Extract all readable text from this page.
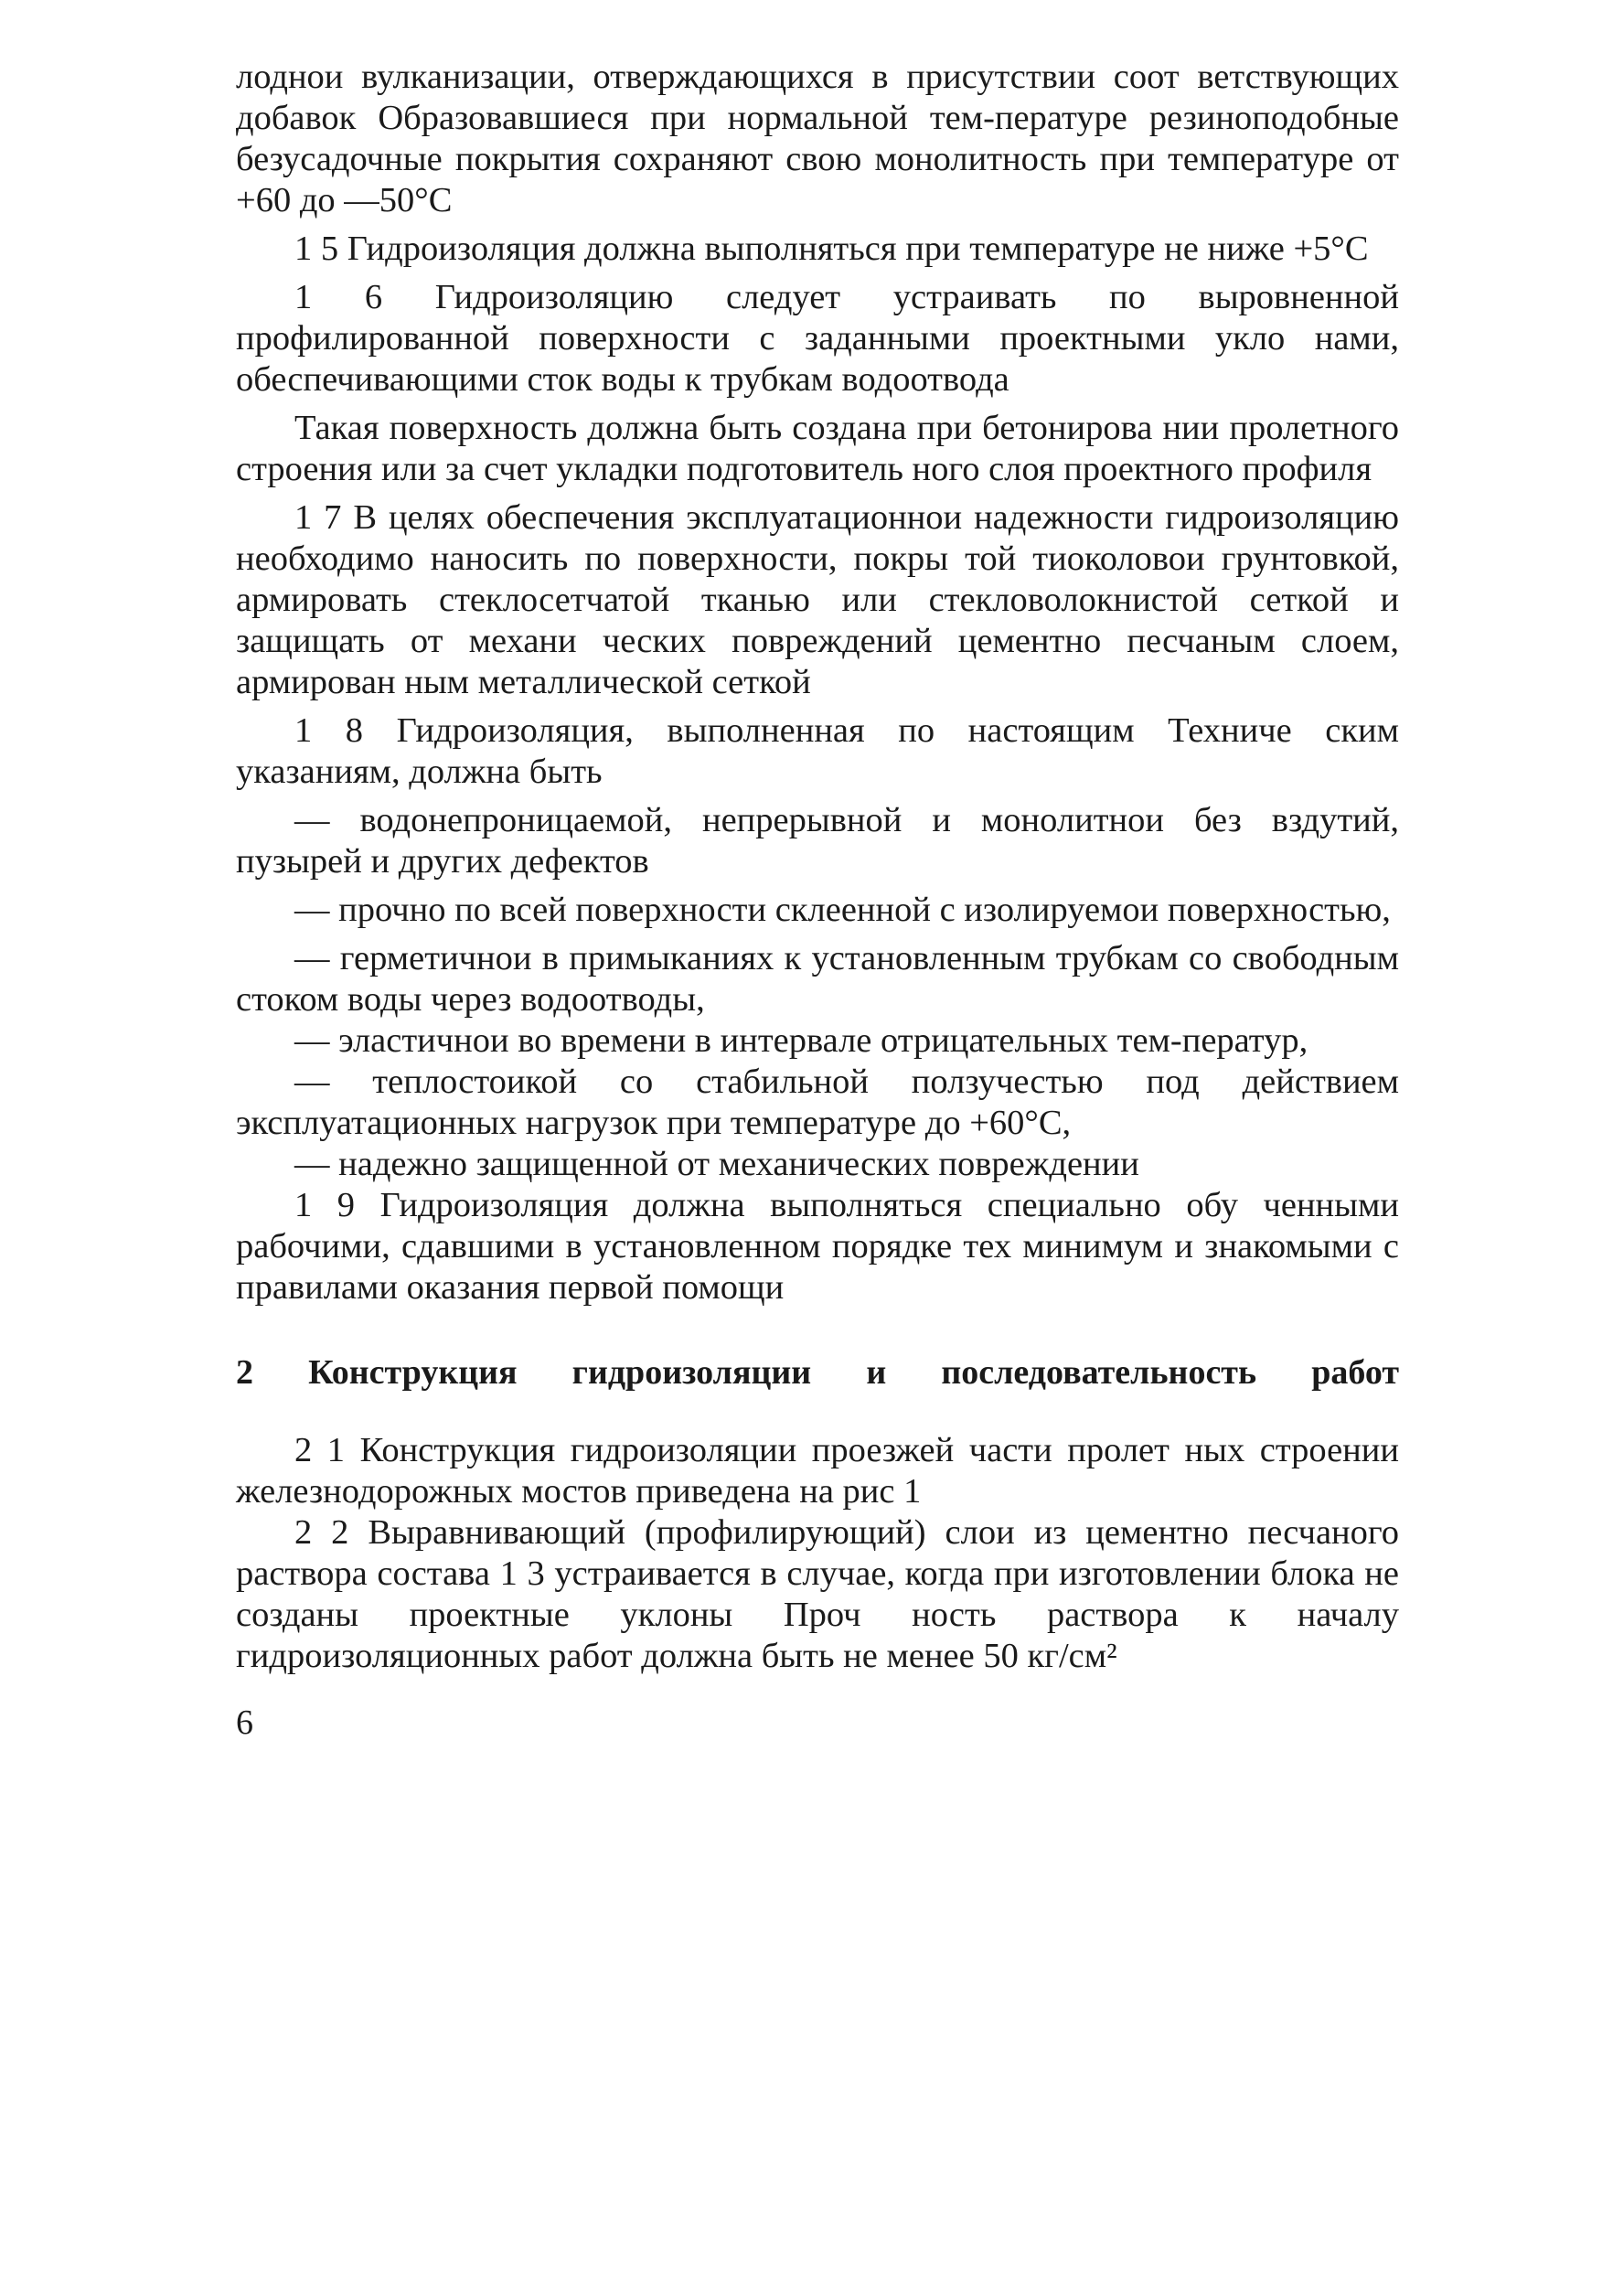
лоднои вулканизации, отверждающихся в присутствии соот ветствующих добавок Образовавшиеся при нормальной тем-пературе резиноподобные безусадочные покрытия сохраняют свою монолитность при температуре от +60 до —50°C

1 5 Гидроизоляция должна выполняться при температуре не ниже +5°C

1 6 Гидроизоляцию следует устраивать по выровненной профилированной поверхности с заданными проектными укло нами, обеспечивающими сток воды к трубкам водоотвода

Такая поверхность должна быть создана при бетонирова нии пролетного строения или за счет укладки подготовитель ного слоя проектного профиля

1 7 В целях обеспечения эксплуатационнои надежности гидроизоляцию необходимо наносить по поверхности, покры той тиоколовои грунтовкой, армировать стеклосетчатой тканью или стекловолокнистой сеткой и защищать от механи ческих повреждений цементно песчаным слоем, армирован ным металлической сеткой

1 8 Гидроизоляция, выполненная по настоящим Техниче ским указаниям, должна быть

— водонепроницаемой, непрерывной и монолитнои без вздутий, пузырей и других дефектов

— прочно по всей поверхности склеенной с изолируемои поверхностью,

— герметичнои в примыканиях к установленным трубкам со свободным стоком воды через водоотводы,

— эластичнои во времени в интервале отрицательных тем-ператур,

— теплостоикой со стабильной ползучестью под действием эксплуатационных нагрузок при температуре до +60°C,

— надежно защищенной от механических повреждении

1 9 Гидроизоляция должна выполняться специально обу ченными рабочими, сдавшими в установленном порядке тех минимум и знакомыми с правилами оказания первой помощи

2 Конструкция гидроизоляции и последовательность работ

2 1 Конструкция гидроизоляции проезжей части пролет ных строении железнодорожных мостов приведена на рис 1

2 2 Выравнивающий (профилирующий) слои из цементно песчаного раствора состава 1 3 устраивается в случае, когда при изготовлении блока не созданы проектные уклоны Проч ность раствора к началу гидроизоляционных работ должна быть не менее 50 кг/см²

6
